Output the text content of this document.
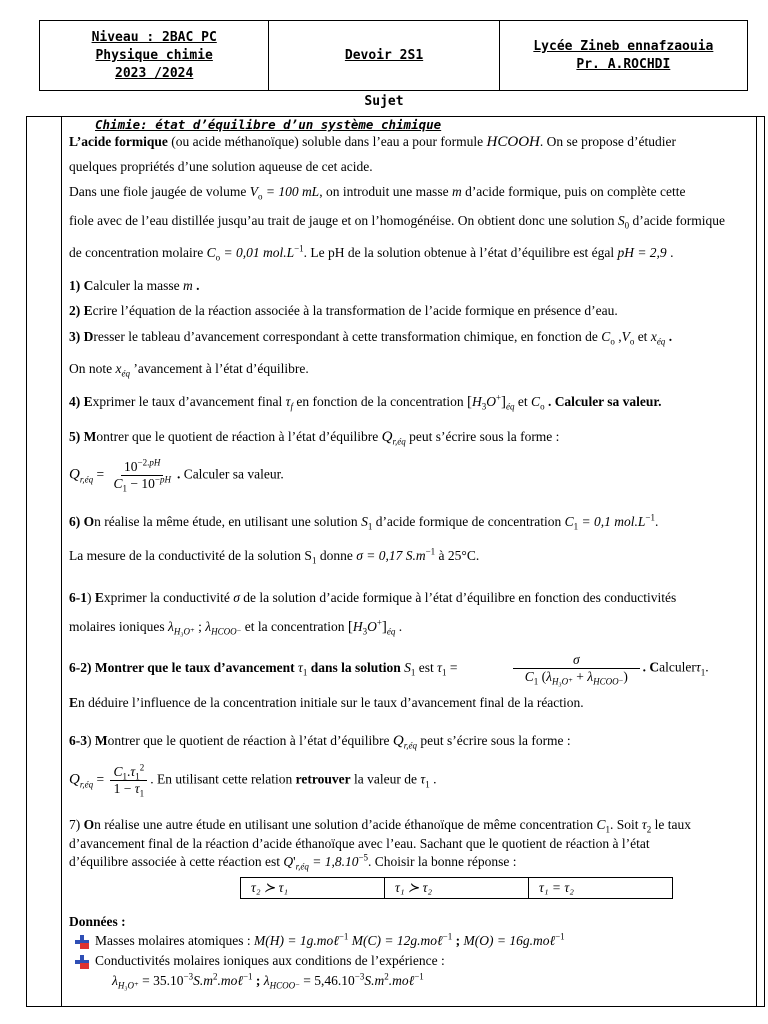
Niveau : 2BAC PC
Physique chimie
2023 /2024
Devoir 2S1
Lycée Zineb ennafzaouia
Pr. A.ROCHDI
Sujet
Chimie: état d’équilibre d’un système chimique
L’acide formique (ou acide méthanoïque) soluble dans l’eau a pour formule HCOOH. On se propose d’étudier
quelques propriétés d’une solution aqueuse de cet acide.
Dans une fiole jaugée de volume $V_o = 100$ mL, on introduit une masse m d’acide formique, puis on complète cette
fiole avec de l’eau distillée jusqu’au trait de jauge et on l’homogénéise. On obtient donc une solution $S_0$ d’acide formique
de concentration molaire $C_o = 0,01$ $mol.L^{-1}$. Le pH de la solution obtenue à l’état d’équilibre est égal pH = 2,9 .
1) Calculer la masse m .
2) Ecrire l’équation de la réaction associée à la transformation de l’acide formique en présence d’eau.
3) Dresser le tableau d’avancement correspondant à cette transformation chimique, en fonction de $C_o$ $,V_o$ et $x_{éq}$ .
On note $x_{éq}$ ’avancement à l’état d’équilibre.
4) Exprimer le taux d’avancement final $\tau_f$ en fonction de la concentration $[H_3O^+]_{éq}$ et $C_o$ . Calculer sa valeur.
5) Montrer que le quotient de réaction à l’état d’équilibre $Q_{r,éq}$ peut s’écrire sous la forme :
$Q_{r,éq} = \frac{10^{-2.pH}}{C_1 - 10^{-pH}}$ . Calculer sa valeur.
6) On réalise la même étude, en utilisant une solution $S_1$ d’acide formique de concentration $C_1 = 0,1$ $mol.L^{-1}$.
La mesure de la conductivité de la solution $S_1$ donne σ = 0,17 $S.m^{-1}$ à 25°C.
6-1) Exprimer la conductivité σ de la solution d’acide formique à l’état d’équilibre en fonction des conductivités
molaires ioniques $\lambda_{H_3O^+}$ ; $\lambda_{HCOO^-}$ et la concentration $[H_3O^+]_{éq}$ .
6-2) Montrer que le taux d’avancement $\tau_1$ dans la solution $S_1$ est $\tau_1$ =	$\frac{\sigma}{C_1 (\lambda_{H_3O^+} + \lambda_{HCOO^-})}$ . Calculerτ$_1$.
En déduire l’influence de la concentration initiale sur le taux d’avancement final de la réaction.
6-3) Montrer que le quotient de réaction à l’état d’équilibre $Q_{r,éq}$ peut s’écrire sous la forme :
$Q_{r,éq} = \frac{C_1.\tau_1^2}{1 - \tau_1}$ . En utilisant cette relation retrouver la valeur de $\tau_1$ .
7) On réalise une autre étude en utilisant une solution d’acide éthanoïque de même concentration $C_1$. Soit $\tau_2$ le taux
d’avancement final de la réaction d’acide éthanoïque avec l’eau. Sachant que le quotient de réaction à l’état
d’équilibre associée à cette réaction est $Q'_{r,éq} = 1,8.10^{-5}$. Choisir la bonne réponse :
τ₂ ≻ τ₁	τ₁ ≻ τ₂	τ₁ = τ₂
Données :
Masses molaires atomiques : M(H) = 1g.moℓ$^{-1}$ M(C) = 12g.moℓ$^{-1}$ ; M(O) = 16g.moℓ$^{-1}$
Conductivités molaires ioniques aux conditions de l’expérience :
$\lambda_{H_3O^+}$ = $35.10^{-3}S.m^2.mo\ell^{-1}$ ; $\lambda_{HCOO^-}$ = $5,46.10^{-3}S.m^2.mo\ell^{-1}$
